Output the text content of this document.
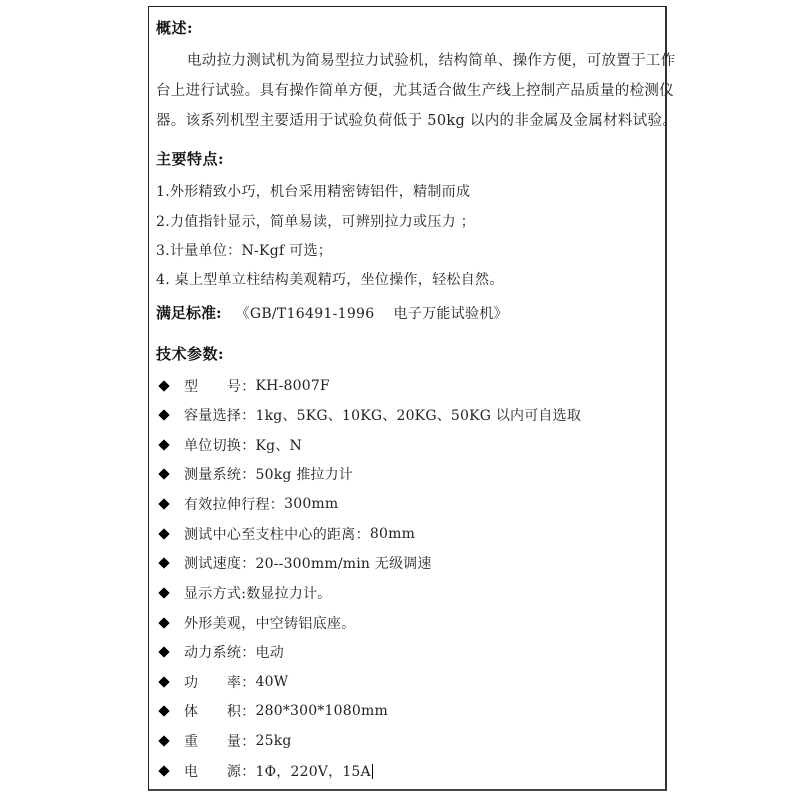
概述:
电动拉力测试机为简易型拉力试验机，结构简单、操作方便，可放置于工作
台上进行试验。具有操作简单方便，尤其适合做生产线上控制产品质量的检测仪
器。该系列机型主要适用于试验负荷低于 50kg 以内的非金属及金属材料试验。
主要特点:
1.外形精致小巧，机台采用精密铸铝件，精制而成
2.力值指针显示，简单易读，可辨别拉力或压力 ；
3.计量单位：N-Kgf 可选；
4. 桌上型单立柱结构美观精巧，坐位操作，轻松自然。
满足标准: 《GB/T16491-1996　 电子万能试验机》
技术参数:
型　　号： KH-8007F
容量选择： 1kg、5KG、10KG、20KG、50KG 以内可自选取
单位切换： Kg、N
测量系统： 50kg 推拉力计
有效拉伸行程： 300mm
测试中心至支柱中心的距离： 80mm
测试速度： 20--300mm/min 无级调速
显示方式: 数显拉力计。
外形美观，中空铸铝底座。
动力系统： 电动
功　　率： 40W
体　　积： 280*300*1080mm
重　　量： 25kg
电　　源： 1Φ，220V，15A
